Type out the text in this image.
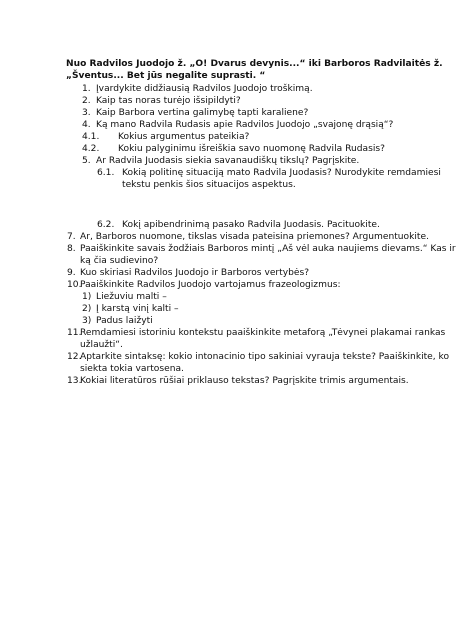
Nuo Radvilos Juodojo ž. „O! Dvarus devynis...“ iki Barboros Radvilaitės ž.
„Šventus... Bet jūs negalite suprasti. “
1. Įvardykite didžiausią Radvilos Juodojo troškimą.
2. Kaip tas noras turėjo išsipildyti?
3. Kaip Barbora vertina galimybę tapti karaliene?
4. Ką mano Radvila Rudasis apie Radvilos Juodojo „svajonę drąsią“?
4.1. Kokius argumentus pateikia?
4.2. Kokiu palyginimu išreiškia savo nuomonę Radvila Rudasis?
5. Ar Radvila Juodasis siekia savanaudiškų tikslų? Pagrįskite.
6.1. Kokią politinę situaciją mato Radvila Juodasis? Nurodykite remdamiesi
tekstu penkis šios situacijos aspektus.
6.2. Kokį apibendrinimą pasako Radvila Juodasis. Pacituokite.
7. Ar, Barboros nuomone, tikslas visada pateisina priemones? Argumentuokite.
8. Paaiškinkite savais žodžiais Barboros mintį „Aš vėl auka naujiems dievams.“ Kas ir
ką čia sudievino?
9. Kuo skiriasi Radvilos Juodojo ir Barboros vertybės?
10.Paaiškinkite Radvilos Juodojo vartojamus frazeologizmus:
1) Liežuviu malti –
2) Į karstą vinį kalti –
3) Padus laižyti
11.Remdamiesi istoriniu kontekstu paaiškinkite metaforą „Tėvynei plakamai rankas
užlaužti“.
12.Aptarkite sintaksę: kokio intonacinio tipo sakiniai vyrauja tekste? Paaiškinkite, ko
siekta tokia vartosena.
13.Kokiai literatūros rūšiai priklauso tekstas? Pagrįskite trimis argumentais.
